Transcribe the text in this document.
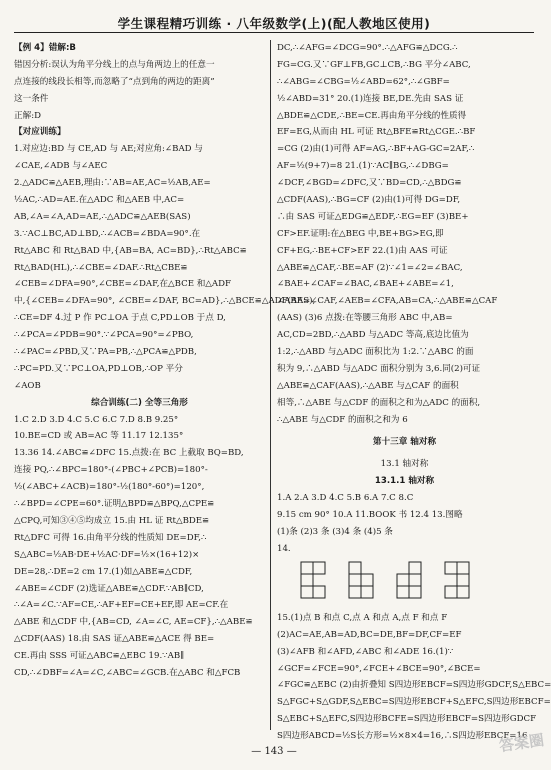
学生课程精巧训练 · 八年级数学(上)(配人教地区使用)
【例 4】错解:B
错因分析:误认为角平分线上的点与角两边上的任意一
点连接的线段长相等,而忽略了“点到角的两边的距离”
这一条件
正解:D
【对应训练】
1.对应边:BD 与 CE,AD 与 AE;对应角:∠BAD 与
∠CAE,∠ADB 与∠AEC
2.△ADC≌△AEB,理由:∵AB=AE,AC=½AB,AE=
½AC,∴AD=AE.在△ADC 和△AEB 中,AC=
AB,∠A=∠A,AD=AE,∴△ADC≌△AEB(SAS)
3.∵AC⊥BC,AD⊥BD,∴∠ACB=∠BDA=90°.在
Rt△ABC 和 Rt△BAD 中,{AB=BA, AC=BD},∴Rt△ABC≌
Rt△BAD(HL),∴∠CBE=∠DAF.∴Rt△CBE≌
∠CEB=∠DFA=90°,∠CBE=∠DAF,在△BCE 和△ADF
中,{∠CEB=∠DFA=90°, ∠CBE=∠DAF, BC=AD},∴△BCE≌△ADF(AAS),
∴CE=DF 4.过 P 作 PC⊥OA 于点 C,PD⊥OB 于点 D,
∴∠PCA=∠PDB=90°.∵∠PCA=90°=∠PBO,
∴∠PAC=∠PBD,又∵PA=PB,∴△PCA≌△PDB,
∴PC=PD.又∵PC⊥OA,PD⊥OB,∴OP 平分
∠AOB
综合训练(二) 全等三角形
1.C 2.D 3.D 4.C 5.C 6.C 7.D 8.B 9.25°
10.BE=CD 或 AB=AC 等 11.17 12.135°
13.36 14.∠ABC≌∠DFC 15.点拨:在 BC 上截取 BQ=BD,
连接 PQ,∴∠BPC=180°-(∠PBC+∠PCB)=180°-
½(∠ABC+∠ACB)=180°-½(180°-60°)=120°,
∴∠BPD=∠CPE=60°.证明△BPD≌△BPQ,△CPE≌
△CPQ,可知③④⑤均成立 15.由 HL 证 Rt△BDE≌
Rt△DFC 可得 16.由角平分线的性质知 DE=DF,∴
S△ABC=½AB·DE+½AC·DF=½×(16+12)×
DE=28,∴DE=2 cm 17.(1)如△ABE≌△CDF,
∠ABE=∠CDF (2)选证△ABE≌△CDF.∵AB∥CD,
∴∠A=∠C.∵AF=CE,∴AF+EF=CE+EF,即 AE=CF.在
△ABE 和△CDF 中,{AB=CD, ∠A=∠C, AE=CF},∴△ABE≌
△CDF(AAS) 18.由 SAS 证△ABE≌△ACE 得 BE=
CE.再由 SSS 可证△ABC≌△EBC 19.∵AB∥
CD,∴∠DBF=∠A=∠C,∠ABC=∠GCB.在△ABC 和△FCB
DC,∴∠AFG=∠DCG=90°.∴△AFG≌△DCG.∴
FG=CG.又∵GF⊥FB,GC⊥CB,∴BG 平分∠ABC,
∴∠ABG=∠CBG=½∠ABD=62°,∴∠GBF=
½∠ABD=31° 20.(1)连接 BE,DE.先由 SAS 证
△BDE≌△CDE,∴BE=CE.再由角平分线的性质得
EF=EG,从而由 HL 可证 Rt△BFE≌Rt△CGE.∴BF
=CG (2)由(1)可得 AF=AG,∴BF+AG-GC=2AF,∴
AF=½(9+7)=8 21.(1)∵AC∥BG,∴∠DBG=
∠DCF,∠BGD=∠DFC,又∵BD=CD,∴△BDG≌
△CDF(AAS),∴BG=CF (2)由(1)可得 DG=DF,
∴由 SAS 可证△EDG≌△EDF,∴EG=EF (3)BE+
CF>EF.证明:在△BEG 中,BE+BG>EG,即
CF+EG,∴BE+CF>EF 22.(1)由 AAS 可证
△ABE≌△CAF,∴BE=AF (2)∵∠1=∠2=∠BAC,
∠BAE+∠CAF=∠BAC,∠BAE+∠ABE=∠1,
∠ABE=∠CAF,∠AEB=∠CFA,AB=CA,∴△ABE≌△CAF
(AAS) (3)6 点拨:在等腰三角形 ABC 中,AB=
AC,CD=2BD,∴△ABD 与△ADC 等高,底边比值为
1:2,∴△ABD 与△ADC 面积比为 1:2.∵△ABC 的面
积为 9,∴△ABD 与△ADC 面积分别为 3,6.同(2)可证
△ABE≌△CAF(AAS),∴△ABE 与△CAF 的面积
相等,∴△ABE 与△CDF 的面积之和为△ADC 的面积,
∴△ABE 与△CDF 的面积之和为 6
第十三章 轴对称
13.1 轴对称
13.1.1 轴对称
1.A 2.A 3.D 4.C 5.B 6.A 7.C 8.C
9.15 cm 90° 10.A 11.BOOK 书 12.4 13.图略
(1)条 (2)3 条 (3)4 条 (4)5 条
14.
15.(1)点 B 和点 C,点 A 和点 A,点 F 和点 F
(2)AC=AE,AB=AD,BC=DE,BF=DF,CF=EF
(3)∠AFB 和∠AFD,∠ABC 和∠ADE 16.(1)∵
∠GCF=∠FCE=90°,∠FCE+∠BCE=90°,∠BCE=
∠FGC≌△EBC (2)由折叠知 S四边形EBCF=S四边形GDCF,S△EBC=
S△FGC+S△GDF,S△EBC=S四边形EBCF+S△EFC,S四边形EBCF=
S△EBC+S△EFC,S四边形BCFE=S四边形EBCF=S四边形GDCF
S四边形ABCD=½S长方形=½×8×4=16,∴S四边形EBCF=16
— 143 —	答案圈
